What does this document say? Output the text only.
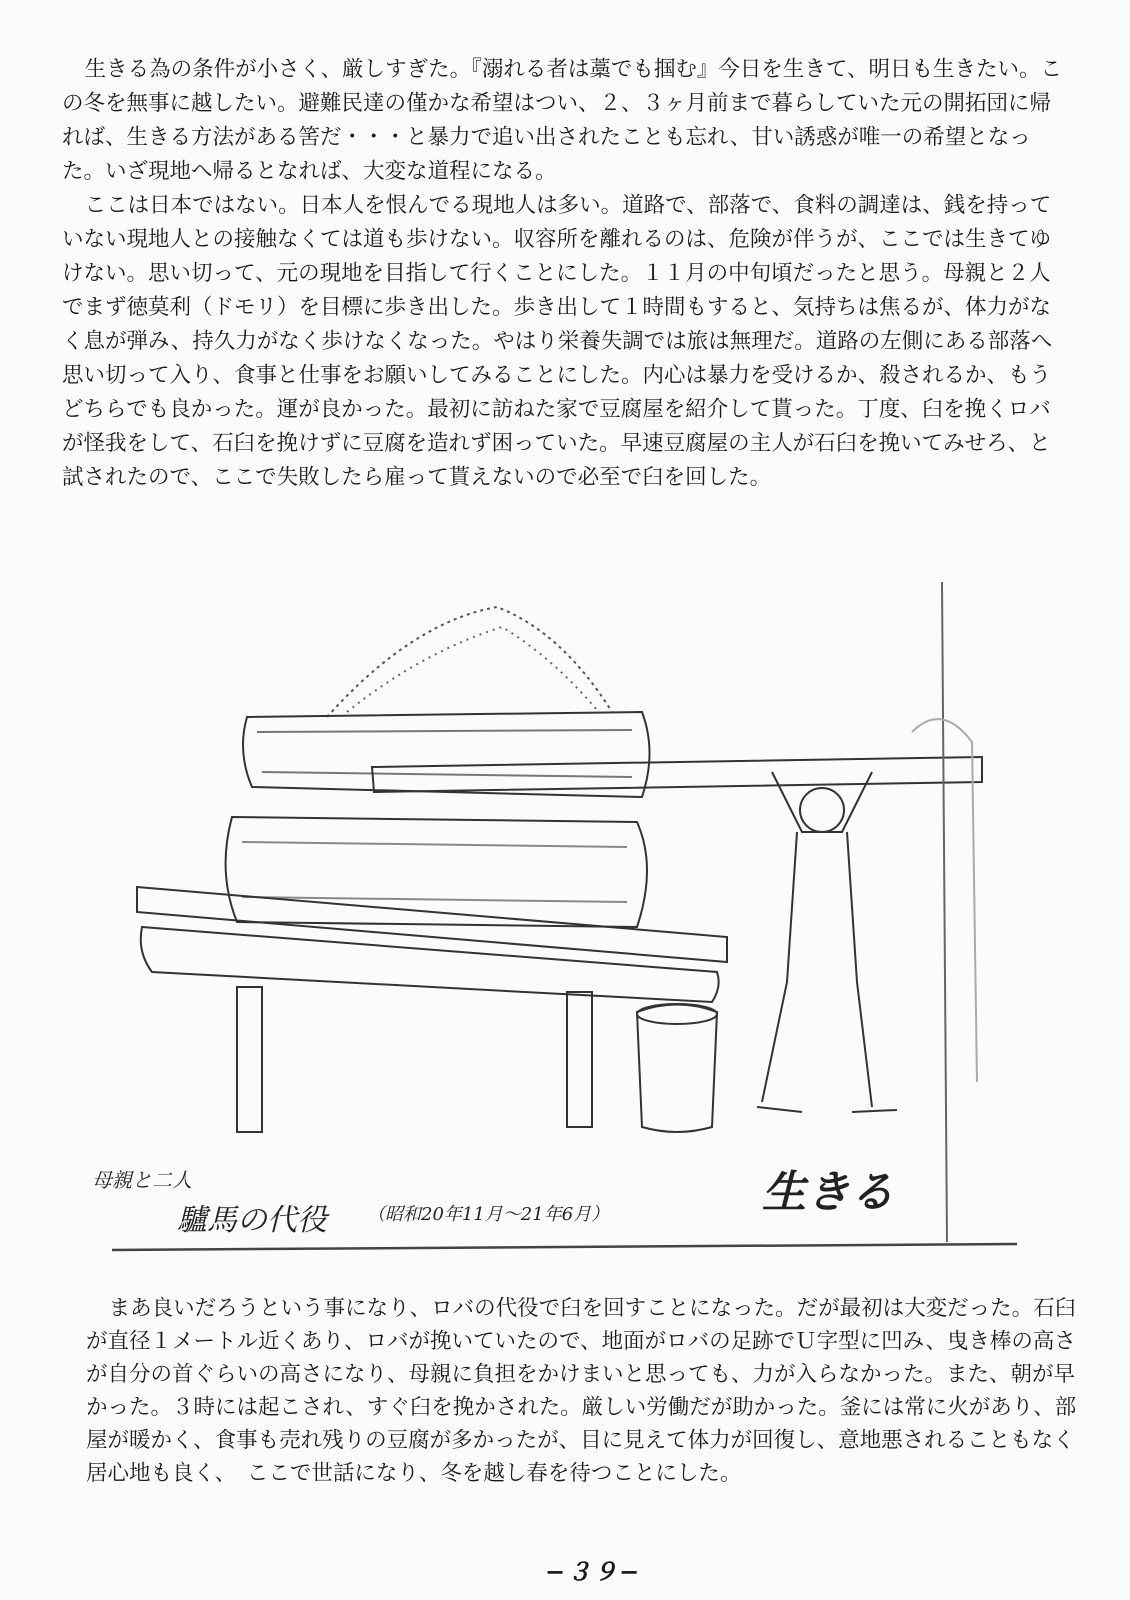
生きる為の条件が小さく、厳しすぎた。『溺れる者は藁でも掴む』今日を生きて、明日も生きたい。この冬を無事に越したい。避難民達の僅かな希望はつい、２、３ヶ月前まで暮らしていた元の開拓団に帰れば、生きる方法がある筈だ・・・と暴力で追い出されたことも忘れ、甘い誘惑が唯一の希望となった。いざ現地へ帰るとなれば、大変な道程になる。

ここは日本ではない。日本人を恨んでる現地人は多い。道路で、部落で、食料の調達は、銭を持っていない現地人との接触なくては道も歩けない。収容所を離れるのは、危険が伴うが、ここでは生きてゆけない。思い切って、元の現地を目指して行くことにした。１１月の中旬頃だったと思う。母親と２人でまず徳莫利（ドモリ）を目標に歩き出した。歩き出して１時間もすると、気持ちは焦るが、体力がなく息が弾み、持久力がなく歩けなくなった。やはり栄養失調では旅は無理だ。道路の左側にある部落へ思い切って入り、食事と仕事をお願いしてみることにした。内心は暴力を受けるか、殺されるか、もうどちらでも良かった。運が良かった。最初に訪ねた家で豆腐屋を紹介して貰った。丁度、臼を挽くロバが怪我をして、石臼を挽けずに豆腐を造れず困っていた。早速豆腐屋の主人が石臼を挽いてみせろ、と試されたので、ここで失敗したら雇って貰えないので必至で臼を回した。

母親と二人
驢馬の代役 （昭和20年11月〜21年6月）	生きる

まあ良いだろうという事になり、ロバの代役で臼を回すことになった。だが最初は大変だった。石臼が直径１メートル近くあり、ロバが挽いていたので、地面がロバの足跡でＵ字型に凹み、曳き棒の高さが自分の首ぐらいの高さになり、母親に負担をかけまいと思っても、力が入らなかった。また、朝が早かった。３時には起こされ、すぐ臼を挽かされた。厳しい労働だが助かった。釜には常に火があり、部屋が暖かく、食事も売れ残りの豆腐が多かったが、目に見えて体力が回復し、意地悪されることもなく居心地も良く、　ここで世話になり、冬を越し春を待つことにした。

−３９−
